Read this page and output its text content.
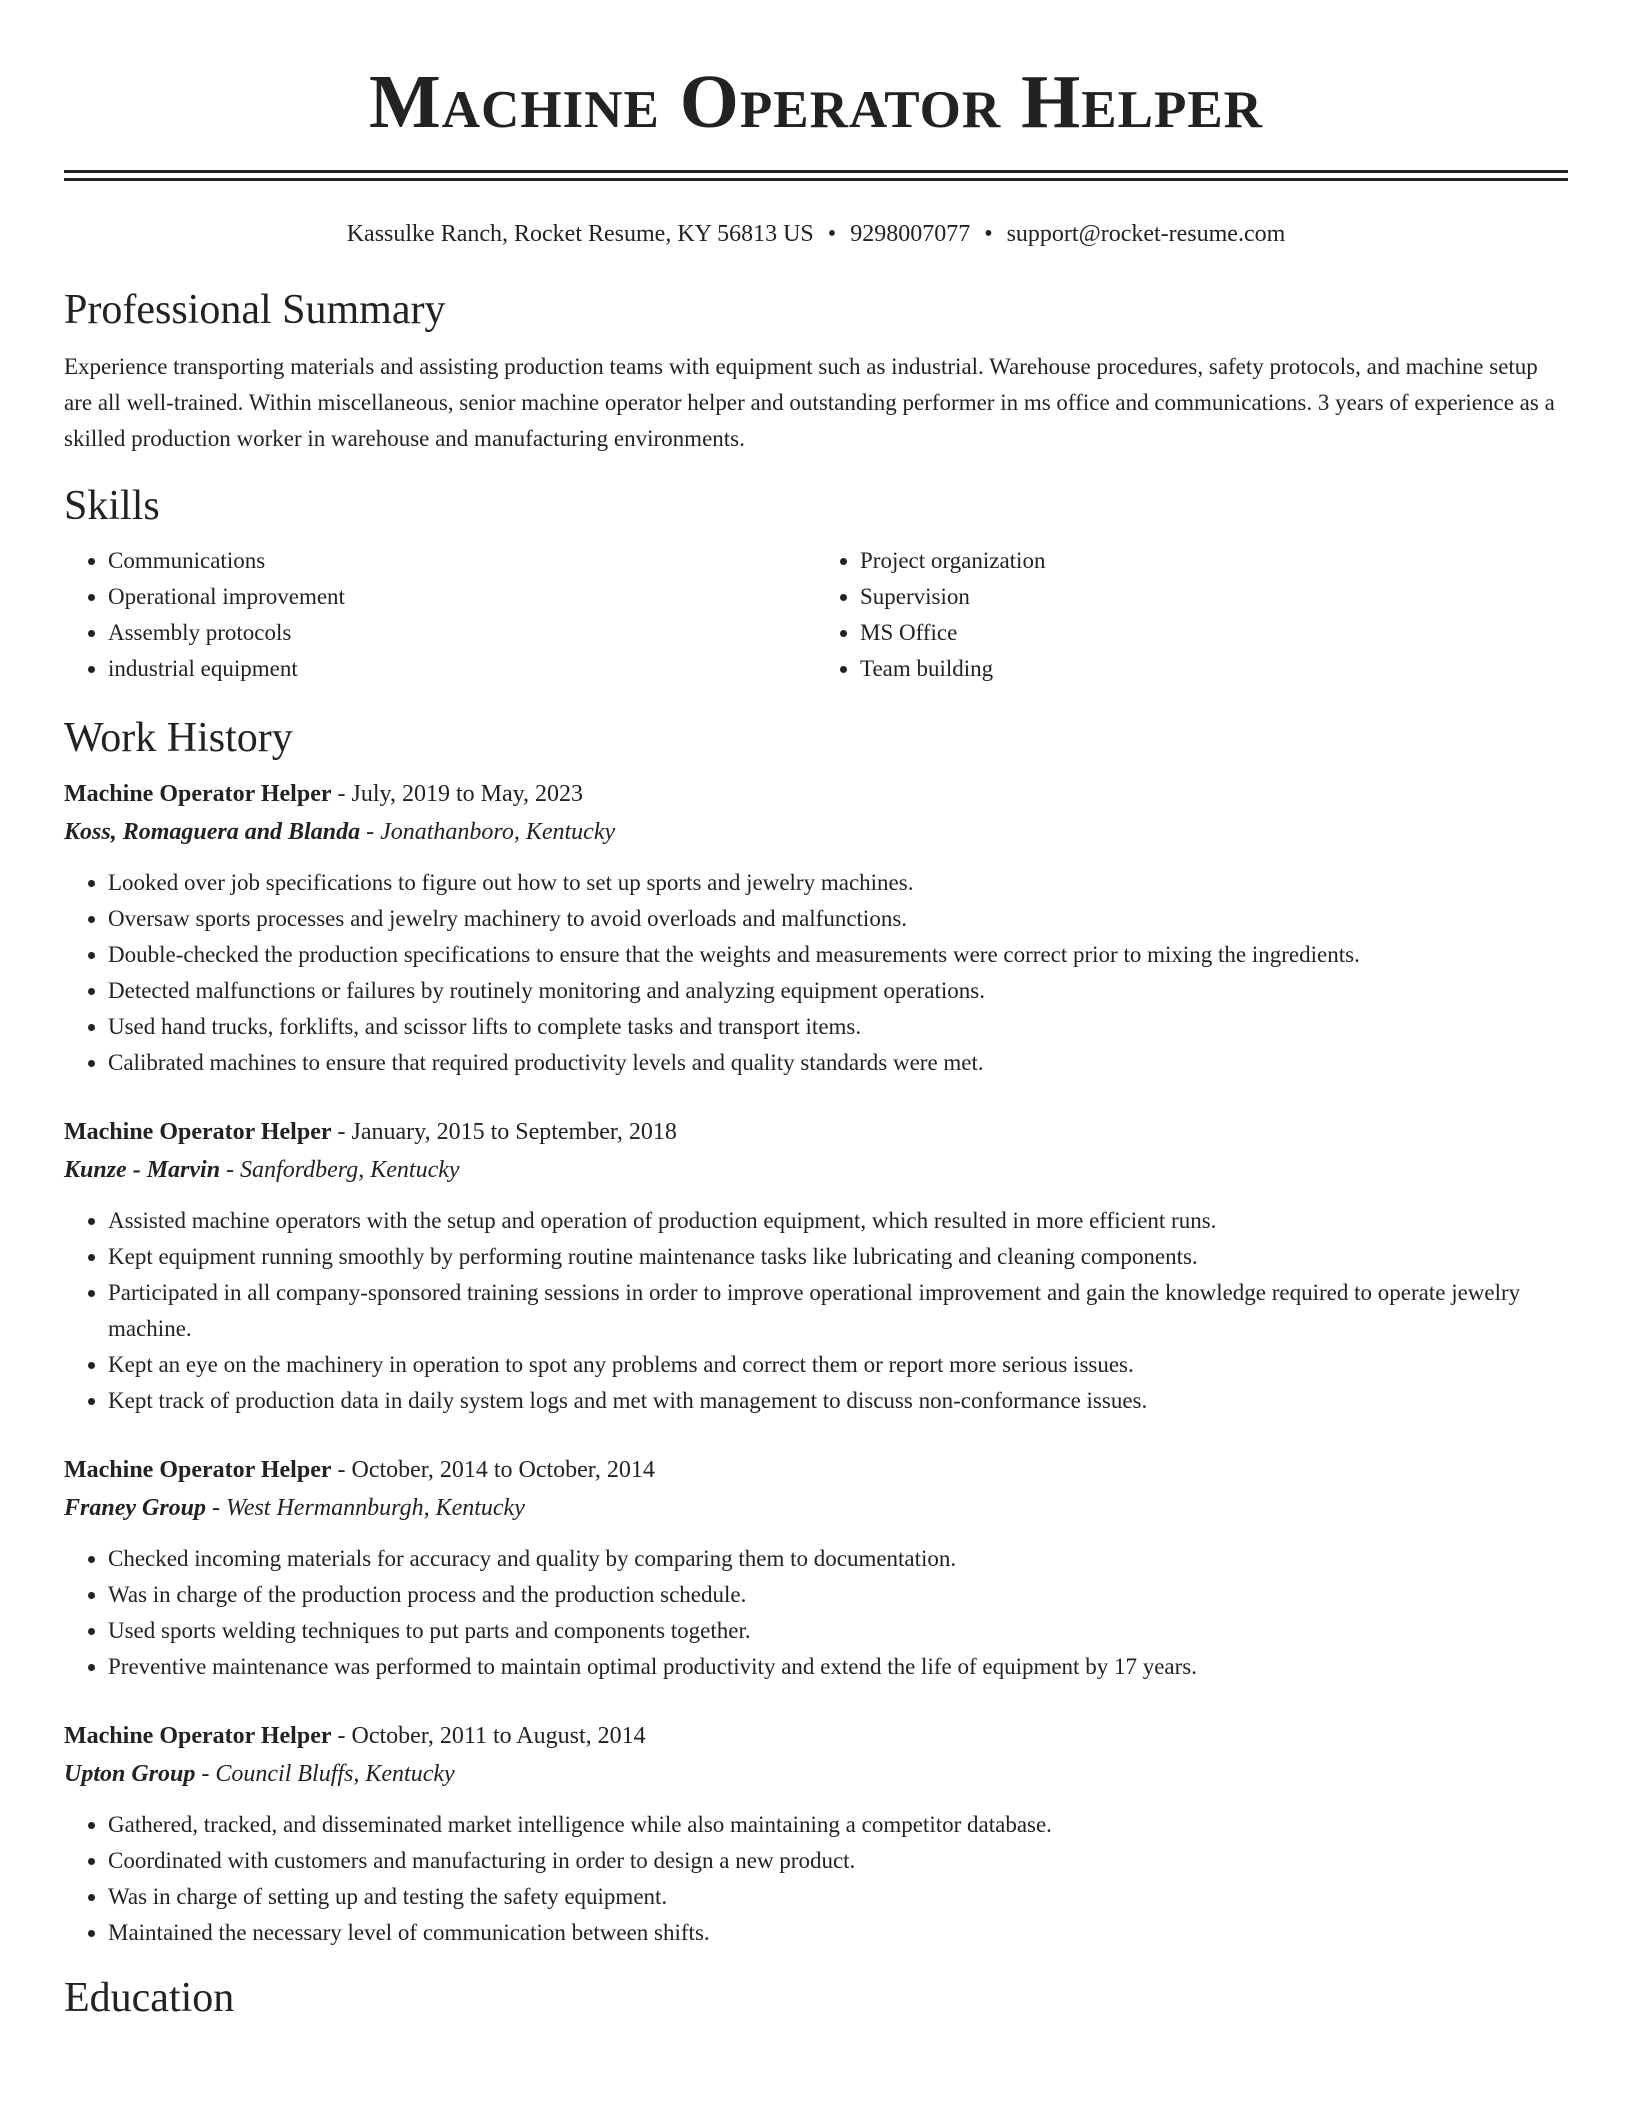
Machine Operator Helper
Kassulke Ranch, Rocket Resume, KY 56813 US • 9298007077 • support@rocket-resume.com
Professional Summary

Experience transporting materials and assisting production teams with equipment such as industrial. Warehouse procedures, safety protocols, and machine setup are all well-trained. Within miscellaneous, senior machine operator helper and outstanding performer in ms office and communications. 3 years of experience as a skilled production worker in warehouse and manufacturing environments.

Skills
• Communications
• Operational improvement
• Assembly protocols
• industrial equipment
• Project organization
• Supervision
• MS Office
• Team building
Work History
Machine Operator Helper - July, 2019 to May, 2023
Koss, Romaguera and Blanda - Jonathanboro, Kentucky
• Looked over job specifications to figure out how to set up sports and jewelry machines.
• Oversaw sports processes and jewelry machinery to avoid overloads and malfunctions.
• Double-checked the production specifications to ensure that the weights and measurements were correct prior to mixing the ingredients.
• Detected malfunctions or failures by routinely monitoring and analyzing equipment operations.
• Used hand trucks, forklifts, and scissor lifts to complete tasks and transport items.
• Calibrated machines to ensure that required productivity levels and quality standards were met.
Machine Operator Helper - January, 2015 to September, 2018
Kunze - Marvin - Sanfordberg, Kentucky
• Assisted machine operators with the setup and operation of production equipment, which resulted in more efficient runs.
• Kept equipment running smoothly by performing routine maintenance tasks like lubricating and cleaning components.
• Participated in all company-sponsored training sessions in order to improve operational improvement and gain the knowledge required to operate jewelry machine.
• Kept an eye on the machinery in operation to spot any problems and correct them or report more serious issues.
• Kept track of production data in daily system logs and met with management to discuss non-conformance issues.
Machine Operator Helper - October, 2014 to October, 2014
Franey Group - West Hermannburgh, Kentucky
• Checked incoming materials for accuracy and quality by comparing them to documentation.
• Was in charge of the production process and the production schedule.
• Used sports welding techniques to put parts and components together.
• Preventive maintenance was performed to maintain optimal productivity and extend the life of equipment by 17 years.
Machine Operator Helper - October, 2011 to August, 2014
Upton Group - Council Bluffs, Kentucky
• Gathered, tracked, and disseminated market intelligence while also maintaining a competitor database.
• Coordinated with customers and manufacturing in order to design a new product.
• Was in charge of setting up and testing the safety equipment.
• Maintained the necessary level of communication between shifts.
Education
